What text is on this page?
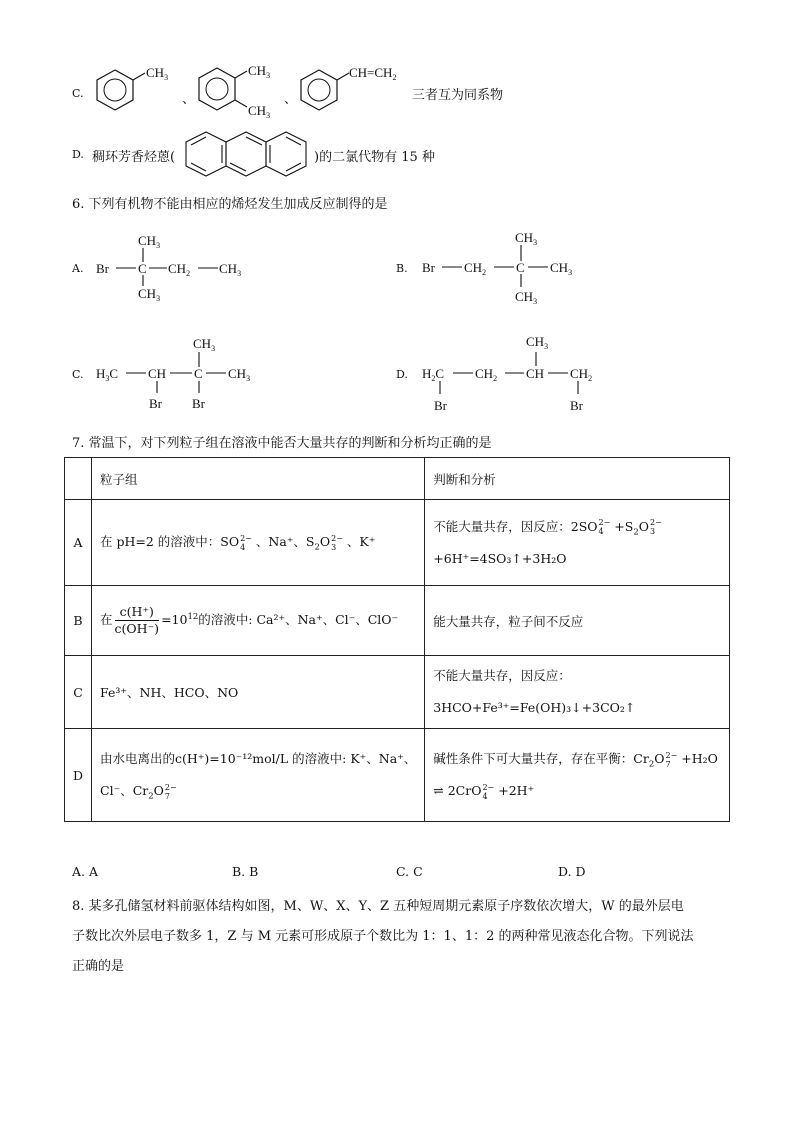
C.
$CH_3$
、
$CH_3$
$CH_3$
、
$CH=CH_2$
三者互为同系物
D. 稠环芳香烃蒽(	)的二氯代物有 15 种
6. 下列有机物不能由相应的烯烃发生加成反应制得的是
A. Br C
$CH_3$
$CH_3$
$CH_2$ $CH_3$	B. Br $CH_2$ C
$CH_3$
$CH_3$
$CH_3$
C. $H_3C$ CH
Br
C
$CH_3$
Br
$CH_3$	D. $H_2C$
Br
$CH_2$ CH
$CH_3$
$CH_2$
Br
7. 常温下，对下列粒子组在溶液中能否大量共存的判断和分析均正确的是
	粒子组	判断和分析
A	在 pH=2 的溶液中：SO2−
4 、Na⁺、$S_2O2-$
3 、K⁺	不能大量共存，因反应：2SO2−
$4 +S_2O2-$
3
+6H⁺=4SO₃↑+3H₂O

B	在 $\frac{c(H^+)}{c(OH^-)} =10^{12}$的溶液中: Ca²⁺、Na⁺、Cl⁻、ClO⁻	能大量共存，粒子间不反应
C	Fe³⁺、NH、HCO、NO	不能大量共存，因反应：
3HCO+Fe³⁺=Fe(OH)₃↓+3CO₂↑

D	由水电离出的c(H⁺)=10⁻¹²mol/L 的溶液中: K⁺、Na⁺、
Cl⁻、$Cr_2O2-$
7	碱性条件下可大量共存，存在平衡：$Cr_2O2-$
7 +H₂O
⇌ 2CrO2−
4 +2H⁺
A. A	B. B	C. C	D. D
8. 某多孔储氢材料前驱体结构如图，M、W、X、Y、Z 五种短周期元素原子序数依次增大，W 的最外层电
子数比次外层电子数多 1，Z 与 M 元素可形成原子个数比为 1：1、1：2 的两种常见液态化合物。下列说法
正确的是
